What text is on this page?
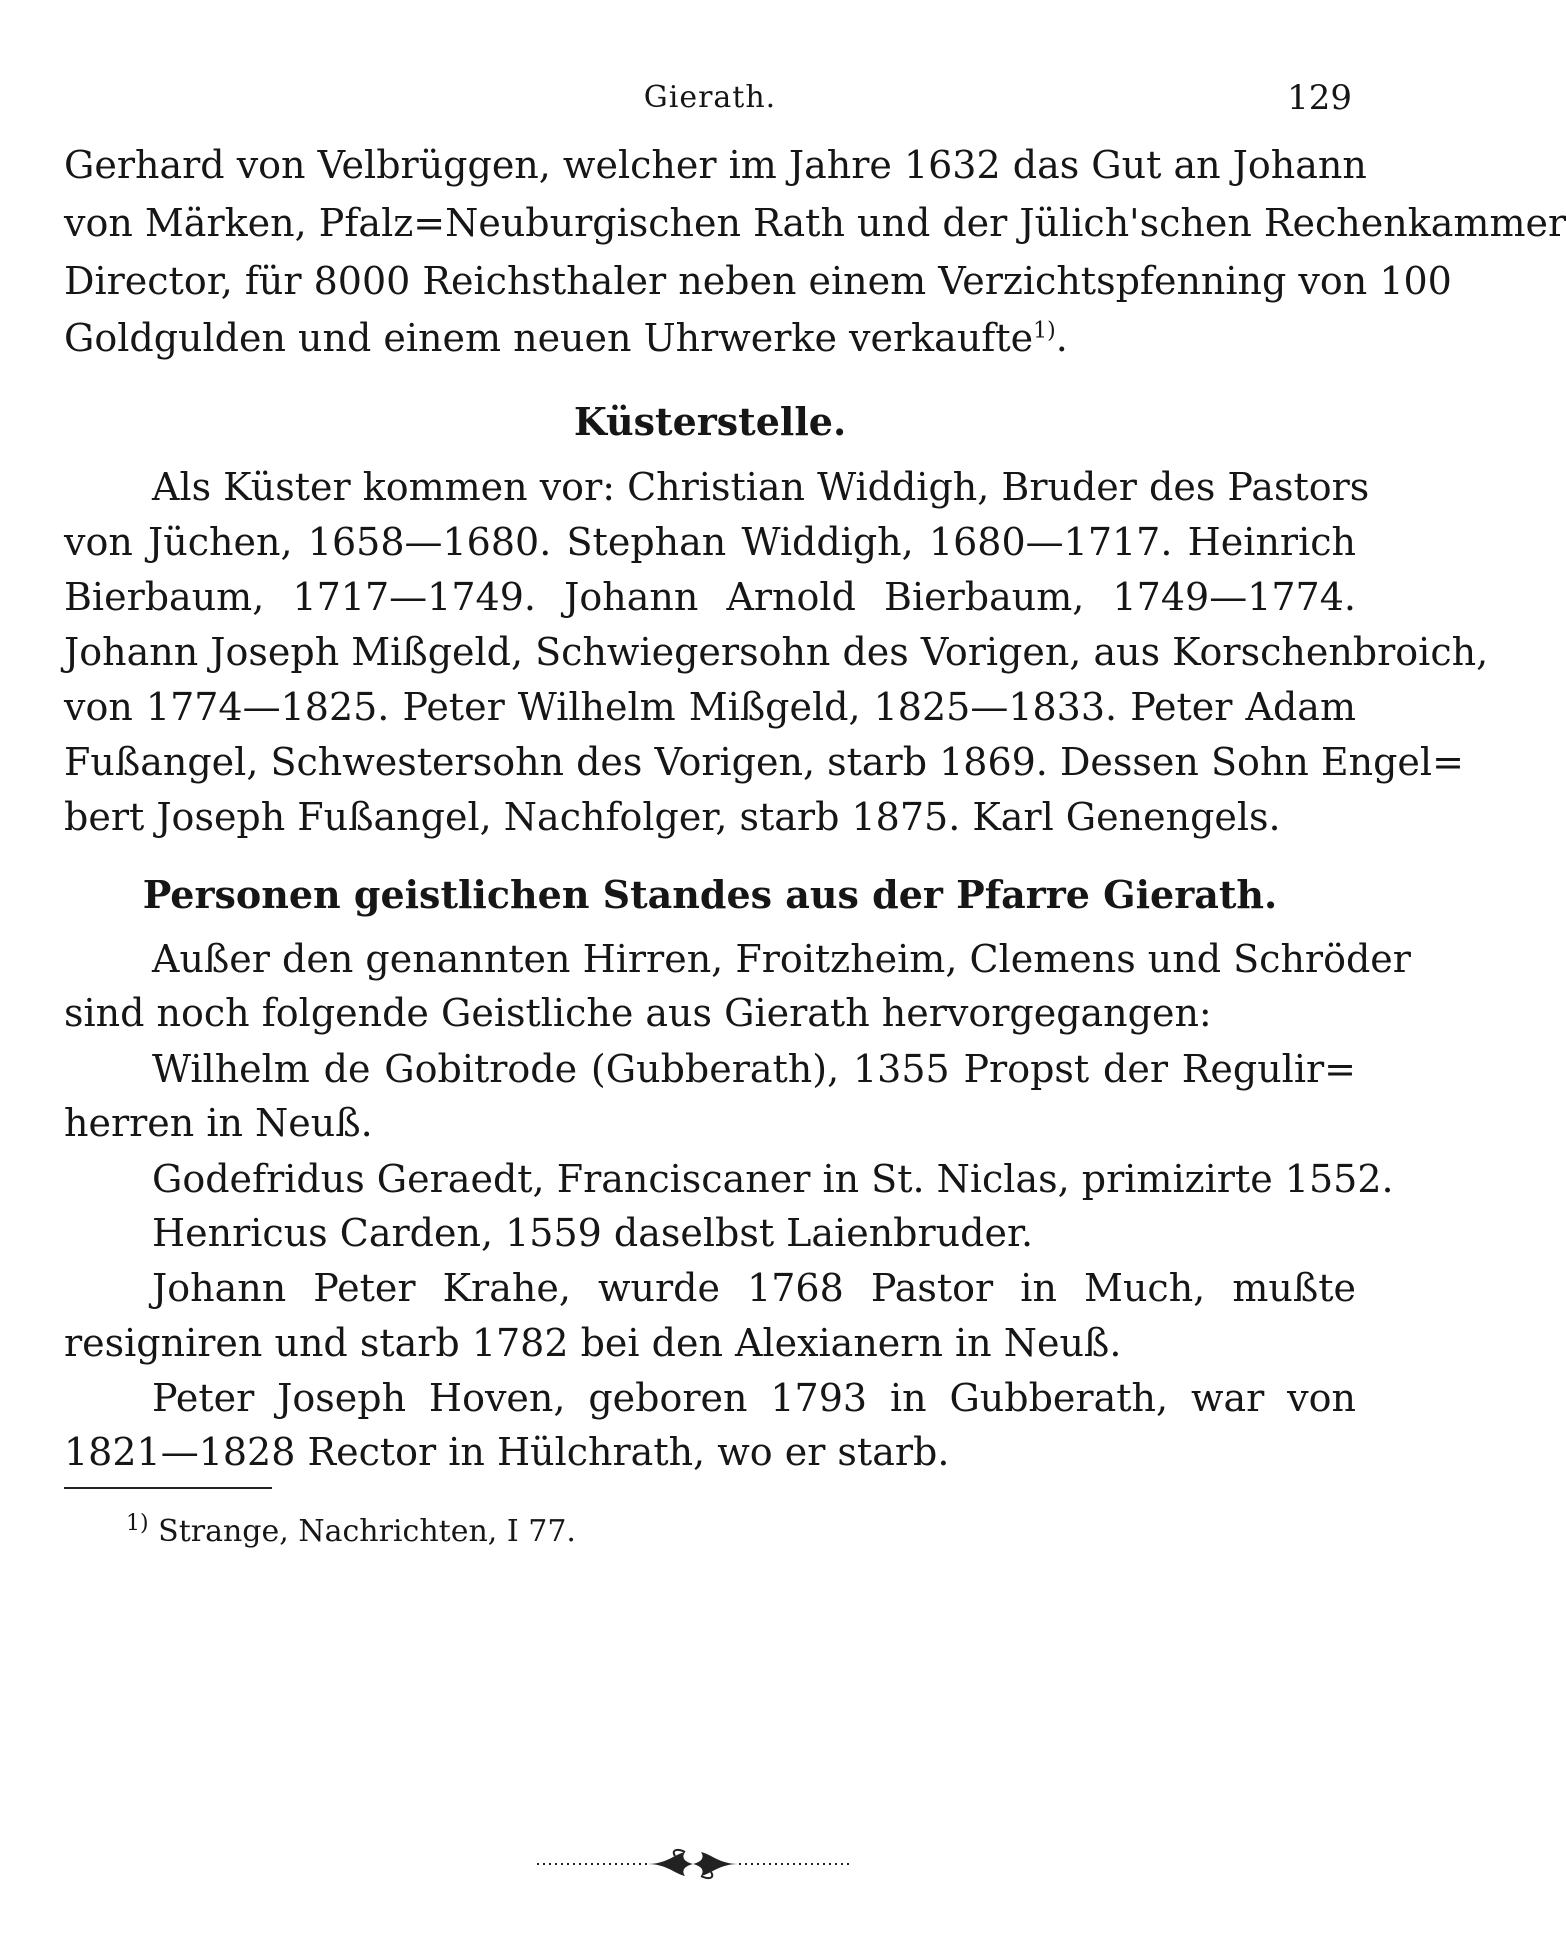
Gierath.	129
Gerhard von Velbrüggen, welcher im Jahre 1632 das Gut an Johann
von Märken, Pfalz=Neuburgischen Rath und der Jülich'schen Rechenkammer
Director, für 8000 Reichsthaler neben einem Verzichtspfenning von 100
Goldgulden und einem neuen Uhrwerke verkaufte$^{1)}$.
Küsterstelle.
Als Küster kommen vor: Christian Widdigh, Bruder des Pastors
von Jüchen, 1658—1680. Stephan Widdigh, 1680—1717. Heinrich
Bierbaum, 1717—1749. Johann Arnold Bierbaum, 1749—1774.
Johann Joseph Mißgeld, Schwiegersohn des Vorigen, aus Korschenbroich,
von 1774—1825. Peter Wilhelm Mißgeld, 1825—1833. Peter Adam
Fußangel, Schwestersohn des Vorigen, starb 1869. Dessen Sohn Engel=
bert Joseph Fußangel, Nachfolger, starb 1875. Karl Genengels.
Personen geistlichen Standes aus der Pfarre Gierath.
Außer den genannten Hirren, Froitzheim, Clemens und Schröder
sind noch folgende Geistliche aus Gierath hervorgegangen:
Wilhelm de Gobitrode (Gubberath), 1355 Propst der Regulir=
herren in Neuß.
Godefridus Geraedt, Franciscaner in St. Niclas, primizirte 1552.
Henricus Carden, 1559 daselbst Laienbruder.
Johann Peter Krahe, wurde 1768 Pastor in Much, mußte
resigniren und starb 1782 bei den Alexianern in Neuß.
Peter Joseph Hoven, geboren 1793 in Gubberath, war von
1821—1828 Rector in Hülchrath, wo er starb.
$^{1)}$ Strange, Nachrichten, I 77.
